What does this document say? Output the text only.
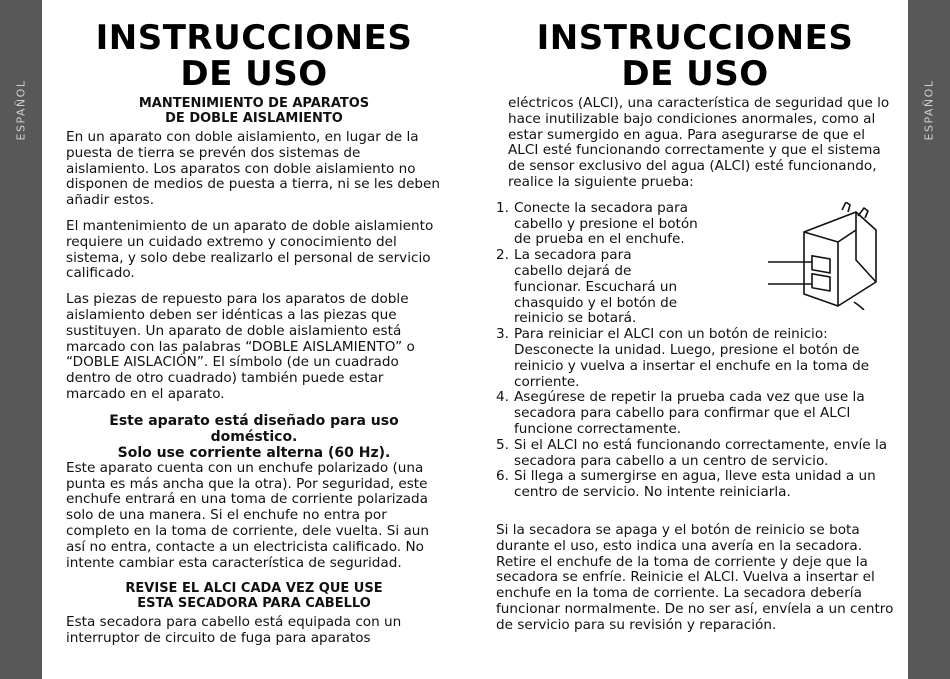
ESPAÑOL	ESPAÑOL
INSTRUCCIONES
DE USO
MANTENIMIENTO DE APARATOS
DE DOBLE AISLAMIENTO

En un aparato con doble aislamiento, en lugar de la puesta de tierra se prevén dos sistemas de aislamiento. Los aparatos con doble aislamiento no disponen de medios de puesta a tierra, ni se les deben añadir estos.

El mantenimiento de un aparato de doble aislamiento requiere un cuidado extremo y conocimiento del sistema, y solo debe realizarlo el personal de servicio calificado.

Las piezas de repuesto para los aparatos de doble aislamiento deben ser idénticas a las piezas que sustituyen. Un aparato de doble aislamiento está marcado con las palabras “DOBLE AISLAMIENTO” o “DOBLE AISLACIÓN”. El símbolo (de un cuadrado dentro de otro cuadrado) también puede estar marcado en el aparato.

Este aparato está diseñado para uso doméstico.

Solo use corriente alterna (60 Hz).

Este aparato cuenta con un enchufe polarizado (una punta es más ancha que la otra). Por seguridad, este enchufe entrará en una toma de corriente polarizada solo de una manera. Si el enchufe no entra por completo en la toma de corriente, dele vuelta. Si aun así no entra, contacte a un electricista calificado. No intente cambiar esta característica de seguridad.

REVISE EL ALCI CADA VEZ QUE USE
ESTA SECADORA PARA CABELLO

Esta secadora para cabello está equipada con un interruptor de circuito de fuga para aparatos

INSTRUCCIONES
DE USO

eléctricos (ALCI), una característica de seguridad que lo hace inutilizable bajo condiciones anormales, como al estar sumergido en agua. Para asegurarse de que el ALCI esté funcionando correctamente y que el sistema de sensor exclusivo del agua (ALCI) esté funcionando, realice la siguiente prueba:

1. Conecte la secadora para cabello y presione el botón de prueba en el enchufe.
2. La secadora para cabello dejará de funcionar. Escuchará un chasquido y el botón de reinicio se botará.
3. Para reiniciar el ALCI con un botón de reinicio: Desconecte la unidad. Luego, presione el botón de reinicio y vuelva a insertar el enchufe en la toma de corriente.
4. Asegúrese de repetir la prueba cada vez que use la secadora para cabello para confirmar que el ALCI funcione correctamente.
5. Si el ALCI no está funcionando correctamente, envíe la secadora para cabello a un centro de servicio.
6. Si llega a sumergirse en agua, lleve esta unidad a un centro de servicio. No intente reiniciarla.

Si la secadora se apaga y el botón de reinicio se bota durante el uso, esto indica una avería en la secadora. Retire el enchufe de la toma de corriente y deje que la secadora se enfríe. Reinicie el ALCI. Vuelva a insertar el enchufe en la toma de corriente. La secadora debería funcionar normalmente. De no ser así, envíela a un centro de servicio para su revisión y reparación.
